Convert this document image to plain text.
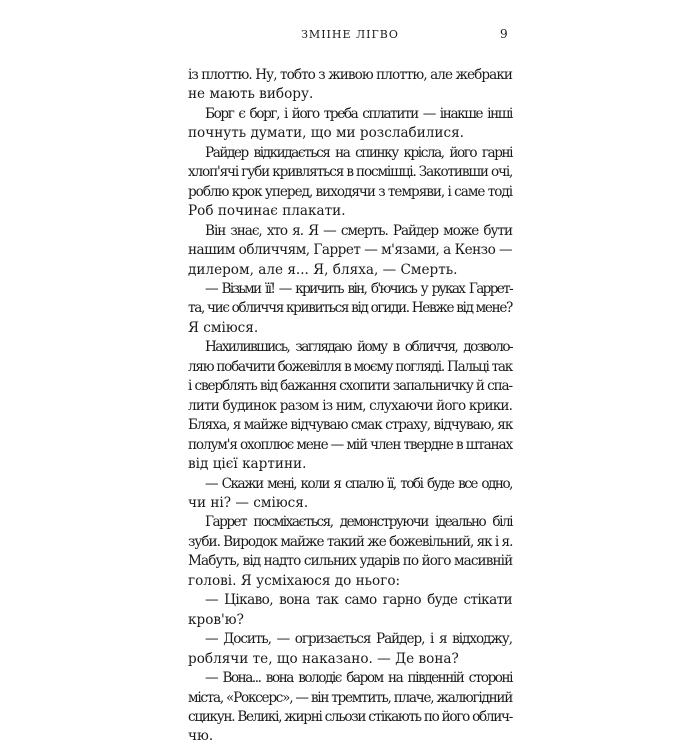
ЗМІІНЕ ЛІГВО	9

із плоттю. Ну, тобто з живою плоттю, але жебраки
не мають вибору.

Борг є борг, і його треба сплатити — інакше інші
почнуть думати, що ми розслабилися.

Райдер відкидається на спинку крісла, його гарні
хлоп'ячі губи кривляться в посмішці. Закотивши очі,
роблю крок уперед, виходячи з темряви, і саме тоді
Роб починає плакати.

Він знає, хто я. Я — смерть. Райдер може бути
нашим обличчям, Гаррет — м'язами, а Кензо —
дилером, але я... Я, бляха, — Смерть.

— Візьми її! — кричить він, б'ючись у руках Гаррет-
та, чиє обличчя кривиться від огиди. Невже від мене?
Я сміюся.

Нахилившись, заглядаю йому в обличчя, дозволо-
ляю побачити божевілля в моєму погляді. Пальці так
і сверблять від бажання схопити запальничку й спа-
лити будинок разом із ним, слухаючи його крики.
Бляха, я майже відчуваю смак страху, відчуваю, як
полум'я охоплює мене — мій член твердне в штанах
від цієї картини.

— Скажи мені, коли я спалю її, тобі буде все одно,
чи ні? — сміюся.

Гаррет посміхається, демонструючи ідеально білі
зуби. Виродок майже такий же божевільний, як і я.
Мабуть, від надто сильних ударів по його масивній
голові. Я усміхаюся до нього:

— Цікаво, вона так само гарно буде стікати
кров'ю?

— Досить, — огризається Райдер, і я відходжу,
роблячи те, що наказано. — Де вона?

— Вона... вона володіє баром на південній стороні
міста, «Роксерс», — він тремтить, плаче, жалюгідний
сцикун. Великі, жирні сльози стікають по його облич-
чю.
